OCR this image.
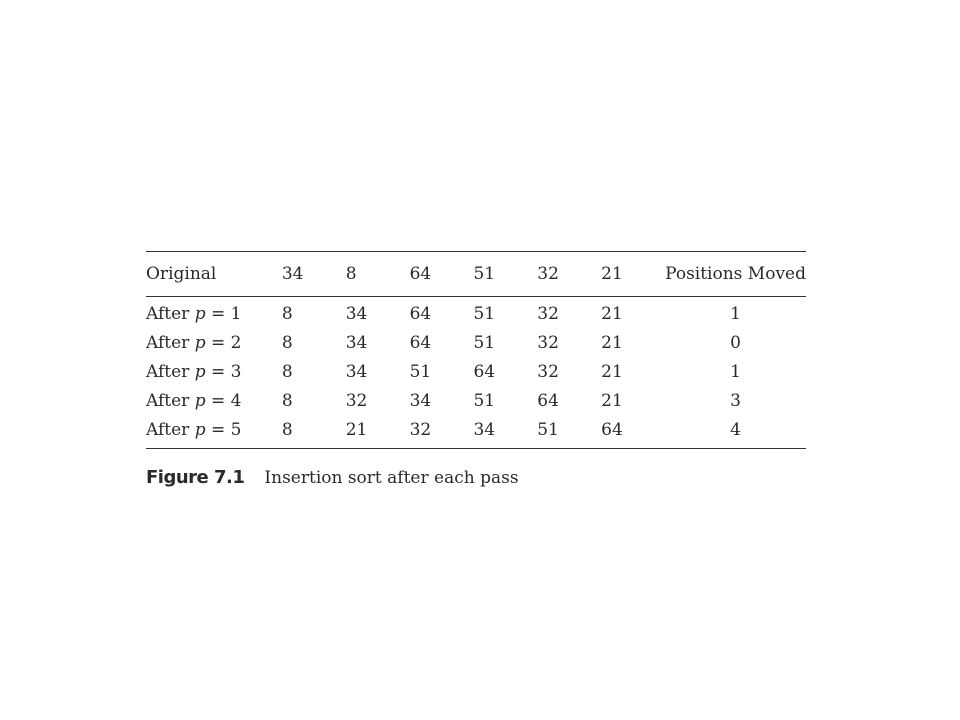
Original	34	8	64	51	32	21	Positions Moved
After p = 1	8	34	64	51	32	21	1
After p = 2	8	34	64	51	32	21	0
After p = 3	8	34	51	64	32	21	1
After p = 4	8	32	34	51	64	21	3
After p = 5	8	21	32	34	51	64	4
Figure 7.1 Insertion sort after each pass
